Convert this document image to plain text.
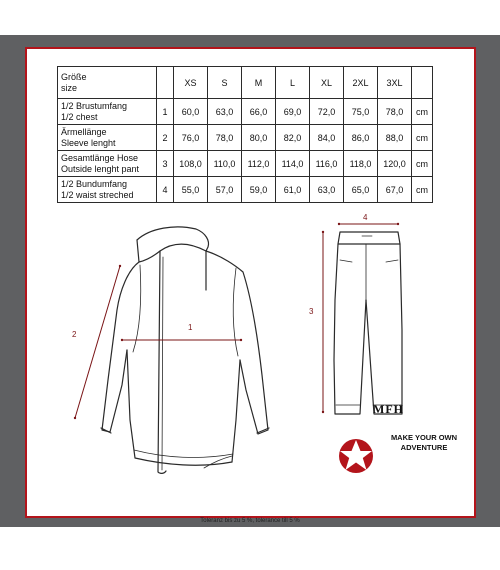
Größe
size		XS	S	M	L	XL	2XL	3XL	

1/2 Brustumfang
1/2 chest	1	60,0	63,0	66,0	69,0	72,0	75,0	78,0	cm

Ärmellänge
Sleeve lenght	2	76,0	78,0	80,0	82,0	84,0	86,0	88,0	cm

Gesamtlänge Hose
Outside lenght pant	3	108,0	110,0	112,0	114,0	116,0	118,0	120,0	cm

1/2 Bundumfang
1/2 waist streched	4	55,0	57,0	59,0	61,0	63,0	65,0	67,0	cm
1
2
3
4
MFH
MAKE YOUR OWN
ADVENTURE
Toleranz bis zu 5 %, tolerance till 5 %
